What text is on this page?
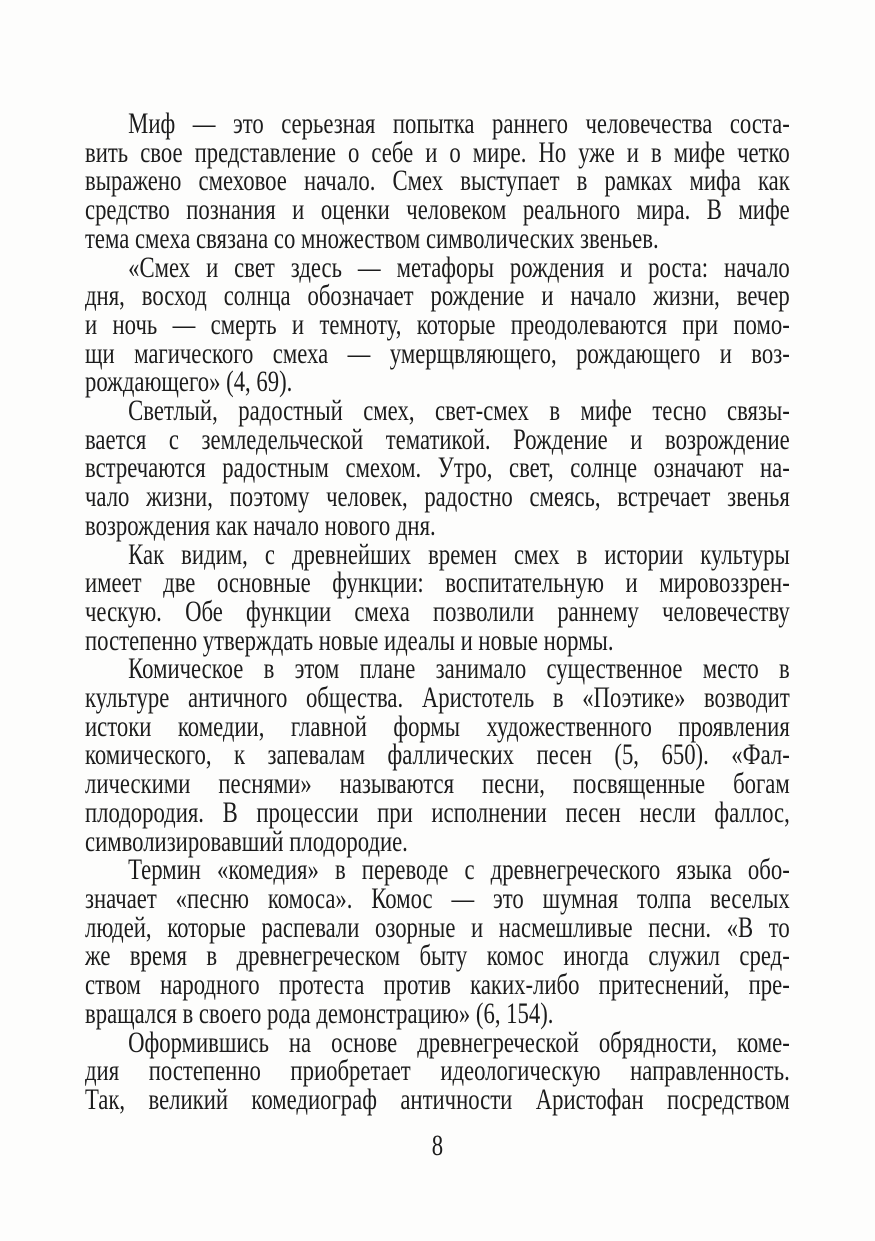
Миф — это серьезная попытка раннего человечества соста-
вить свое представление о себе и о мире. Но уже и в мифе четко
выражено смеховое начало. Смех выступает в рамках мифа как
средство познания и оценки человеком реального мира. В мифе
тема смеха связана со множеством символических звеньев.
«Смех и свет здесь — метафоры рождения и роста: начало
дня, восход солнца обозначает рождение и начало жизни, вечер
и ночь — смерть и темноту, которые преодолеваются при помо-
щи магического смеха — умерщвляющего, рождающего и воз-
рождающего» (4, 69).
Светлый, радостный смех, свет-смех в мифе тесно связы-
вается с земледельческой тематикой. Рождение и возрождение
встречаются радостным смехом. Утро, свет, солнце означают на-
чало жизни, поэтому человек, радостно смеясь, встречает звенья
возрождения как начало нового дня.
Как видим, с древнейших времен смех в истории культуры
имеет две основные функции: воспитательную и мировоззрен-
ческую. Обе функции смеха позволили раннему человечеству
постепенно утверждать новые идеалы и новые нормы.
Комическое в этом плане занимало существенное место в
культуре античного общества. Аристотель в «Поэтике» возводит
истоки комедии, главной формы художественного проявления
комического, к запевалам фаллических песен (5, 650). «Фал-
лическими песнями» называются песни, посвященные богам
плодородия. В процессии при исполнении песен несли фаллос,
символизировавший плодородие.
Термин «комедия» в переводе с древнегреческого языка обо-
значает «песню комоса». Комос — это шумная толпа веселых
людей, которые распевали озорные и насмешливые песни. «В то
же время в древнегреческом быту комос иногда служил сред-
ством народного протеста против каких-либо притеснений, пре-
вращался в своего рода демонстрацию» (6, 154).
Оформившись на основе древнегреческой обрядности, коме-
дия постепенно приобретает идеологическую направленность.
Так, великий комедиограф античности Аристофан посредством
8
